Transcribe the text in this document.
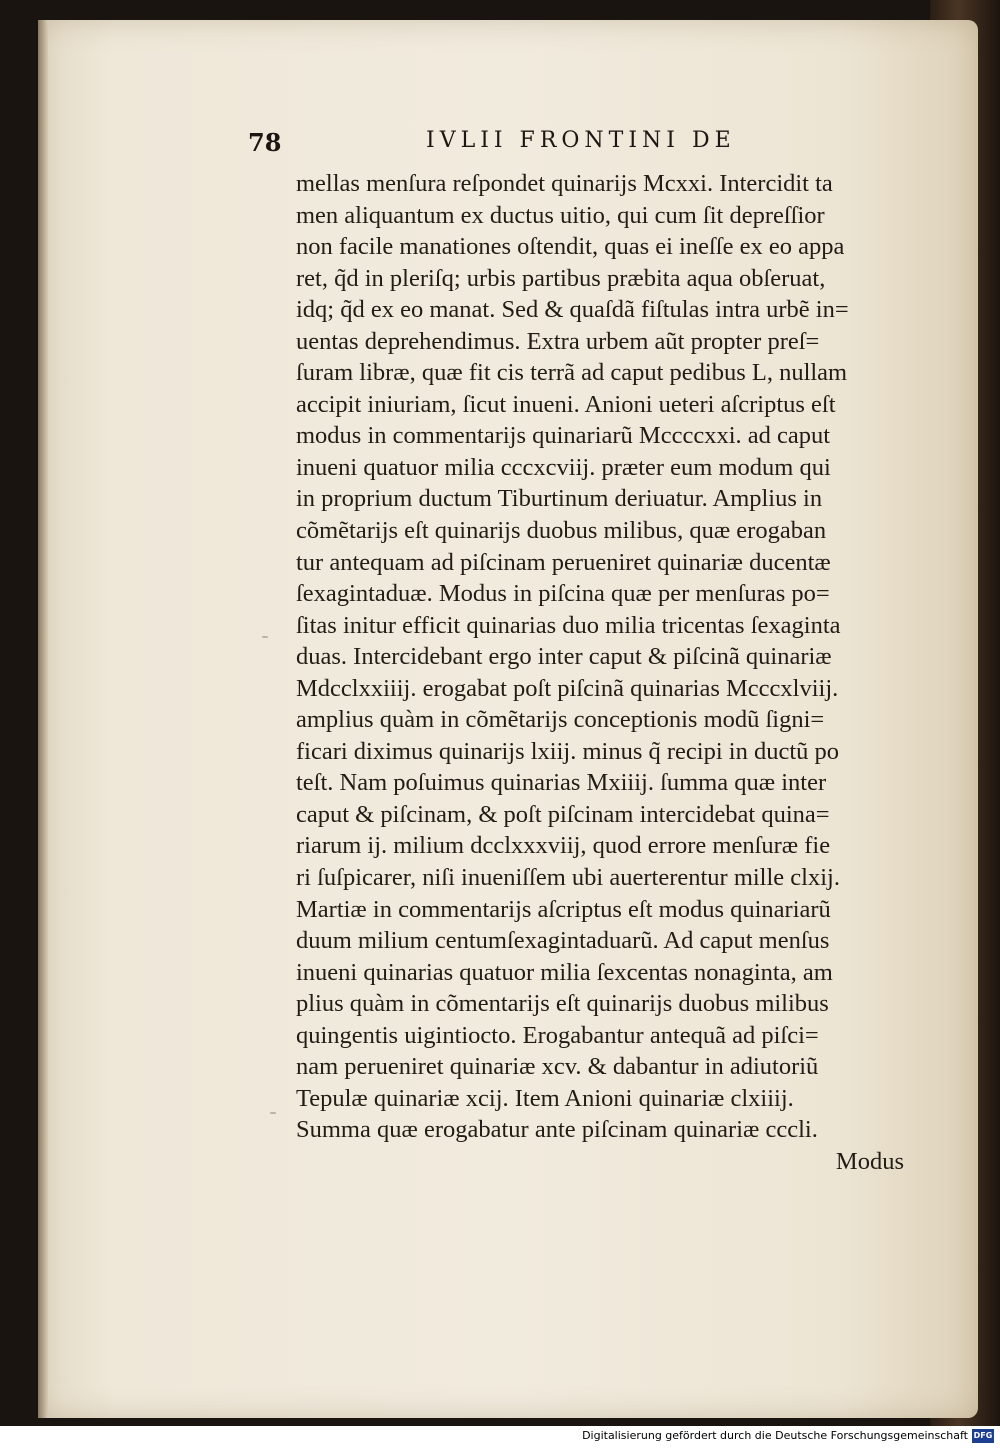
78	IVLII FRONTINI DE
mellas menſura reſpondet quinarijs Mcxxi. Intercidit ta
men aliquantum ex ductus uitio, qui cum ſit depreſſior
non facile manationes oſtendit, quas ei ineſſe ex eo appa
ret, q̃d in pleriſq; urbis partibus præbita aqua obſeruat,
idq; q̃d ex eo manat. Sed & quaſdã fiſtulas intra urbẽ in=
uentas deprehendimus. Extra urbem aũt propter preſ=
ſuram libræ, quæ fit cis terrã ad caput pedibus L, nullam
accipit iniuriam, ſicut inueni. Anioni ueteri aſcriptus eſt
modus in commentarijs quinariarũ Mccccxxi. ad caput
inueni quatuor milia cccxcviij. præter eum modum qui
in proprium ductum Tiburtinum deriuatur. Amplius in
cõmẽtarijs eſt quinarijs duobus milibus, quæ erogaban
tur antequam ad piſcinam perueniret quinariæ ducentæ
ſexagintaduæ. Modus in piſcina quæ per menſuras po=
ſitas initur efficit quinarias duo milia tricentas ſexaginta
duas. Intercidebant ergo inter caput & piſcinã quinariæ
Mdcclxxiiij. erogabat poſt piſcinã quinarias Mcccxlviij.
amplius quàm in cõmẽtarijs conceptionis modũ ſigni=
ficari diximus quinarijs lxiij. minus q̃ recipi in ductũ po
teſt. Nam poſuimus quinarias Mxiiij. ſumma quæ inter
caput & piſcinam, & poſt piſcinam intercidebat quina=
riarum ij. milium dcclxxxviij, quod errore menſuræ fie
ri ſuſpicarer, niſi inueniſſem ubi auerterentur mille clxij.
Martiæ in commentarijs aſcriptus eſt modus quinariarũ
duum milium centumſexagintaduarũ. Ad caput menſus
inueni quinarias quatuor milia ſexcentas nonaginta, am
plius quàm in cõmentarijs eſt quinarijs duobus milibus
quingentis uigintiocto. Erogabantur antequã ad piſci=
nam perueniret quinariæ xcv. & dabantur in adiutoriũ
Tepulæ quinariæ xcij. Item Anioni quinariæ clxiiij.
Summa quæ erogabatur ante piſcinam quinariæ cccli.
Modus
Digitalisierung gefördert durch die Deutsche Forschungsgemeinschaft DFG
